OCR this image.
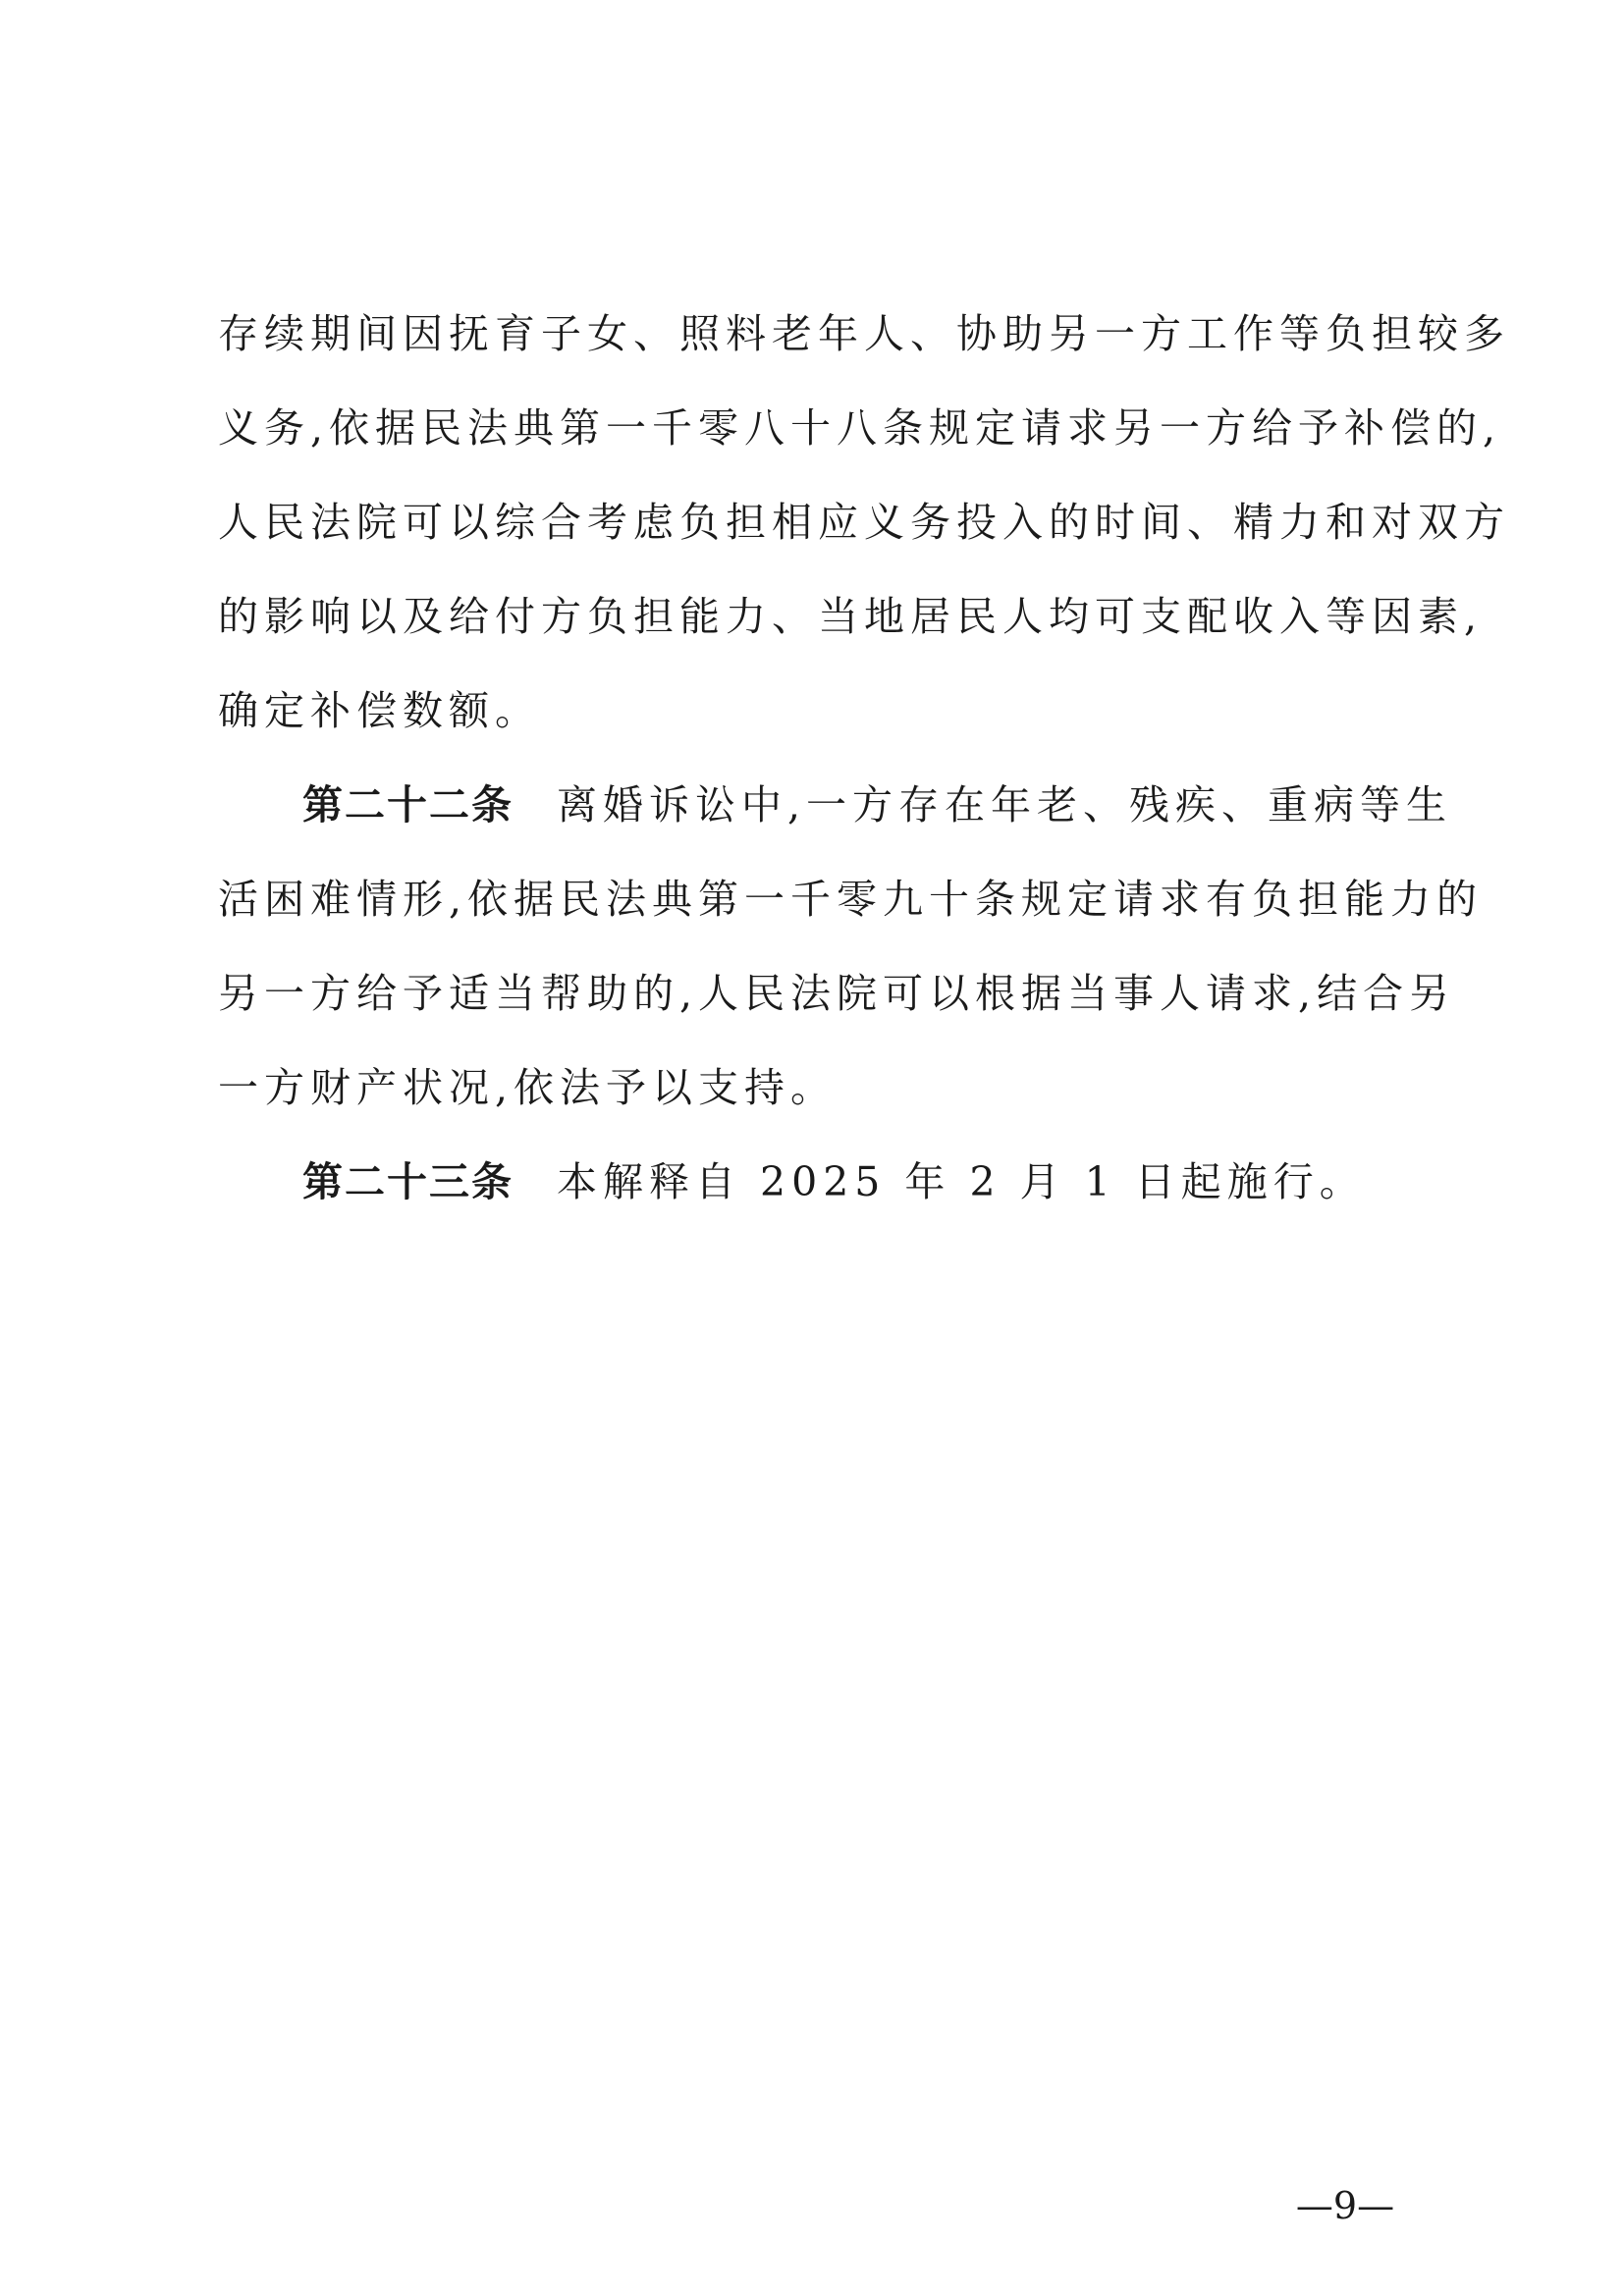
存续期间因抚育子女、照料老年人、协助另一方工作等负担较多
义务,依据民法典第一千零八十八条规定请求另一方给予补偿的,
人民法院可以综合考虑负担相应义务投入的时间、精力和对双方
的影响以及给付方负担能力、当地居民人均可支配收入等因素,
确定补偿数额。
第二十二条 离婚诉讼中,一方存在年老、残疾、重病等生
活困难情形,依据民法典第一千零九十条规定请求有负担能力的
另一方给予适当帮助的,人民法院可以根据当事人请求,结合另
一方财产状况,依法予以支持。
第二十三条 本解释自 2025 年 2 月 1 日起施行。
—9—
